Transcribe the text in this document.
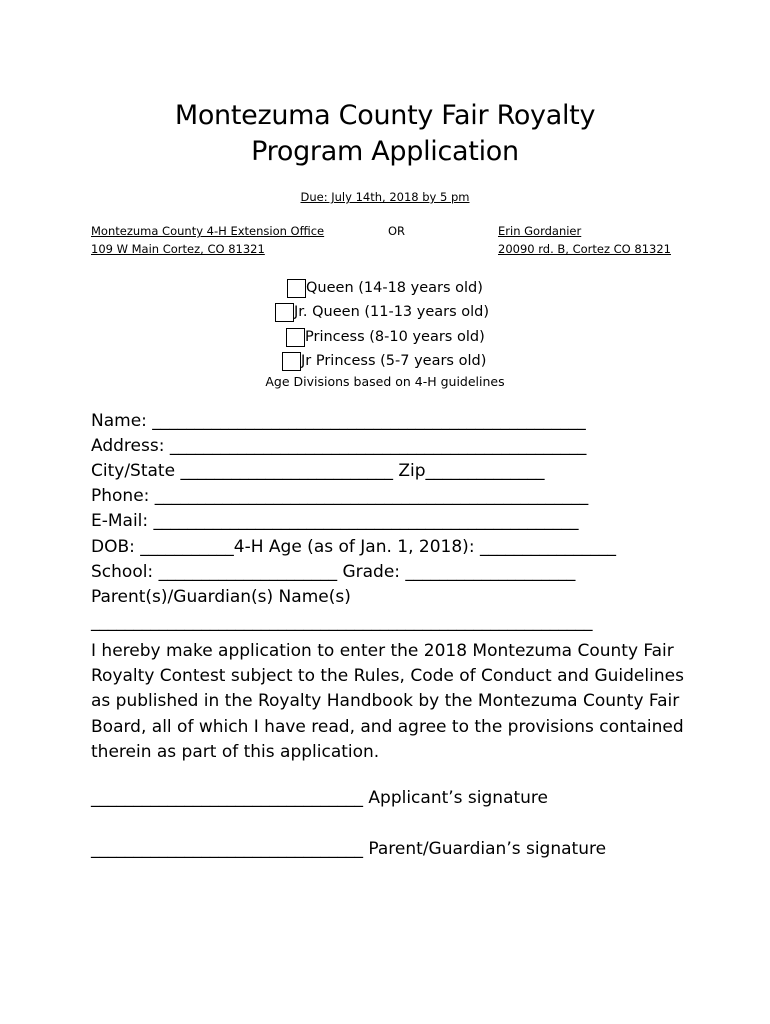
Montezuma County Fair Royalty
Program Application
Due: July 14th, 2018 by 5 pm
Montezuma County 4-H Extension Office
109 W Main Cortez, CO 81321
OR	Erin Gordanier
20090 rd. B, Cortez CO 81321
Queen (14-18 years old)
Jr. Queen (11-13 years old)
Princess (8-10 years old)
Jr Princess (5-7 years old)
Age Divisions based on 4-H guidelines
Name: ___________________________________________________
Address: _________________________________________________
City/State _________________________ Zip______________
Phone: ___________________________________________________
E-Mail: __________________________________________________
DOB: ___________4-H Age (as of Jan. 1, 2018): ________________
School: _____________________ Grade: ____________________
Parent(s)/Guardian(s) Name(s)
___________________________________________________________
I hereby make application to enter the 2018 Montezuma County Fair Royalty Contest subject to the Rules, Code of Conduct and Guidelines as published in the Royalty Handbook by the Montezuma County Fair Board, all of which I have read, and agree to the provisions contained therein as part of this application.
________________________________ Applicant’s signature
________________________________ Parent/Guardian’s signature
